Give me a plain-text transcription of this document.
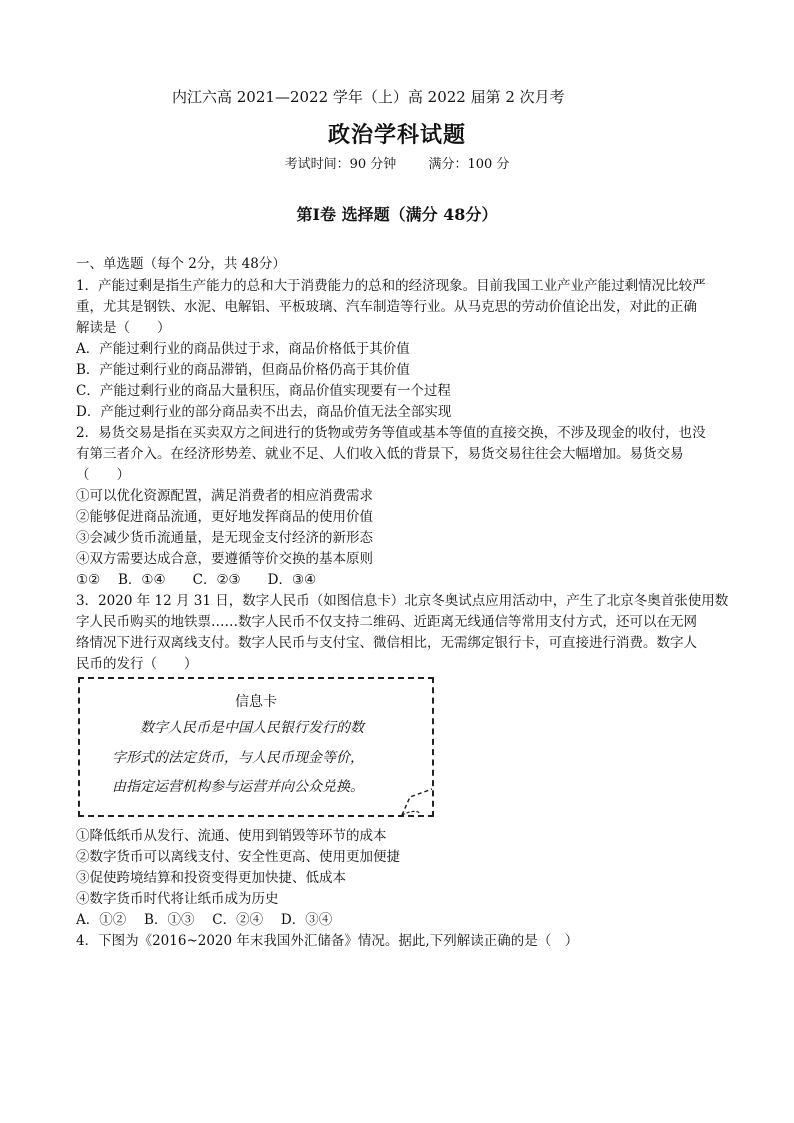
内江六高 2021—2022 学年（上）高 2022 届第 2 次月考
政治学科试题
考试时间：90 分钟 满分：100 分
第Ⅰ卷 选择题（满分 48分）
一、单选题（每个 2分，共 48分）
1．产能过剩是指生产能力的总和大于消费能力的总和的经济现象。目前我国工业产业产能过剩情况比较严
重，尤其是钢铁、水泥、电解铝、平板玻璃、汽车制造等行业。从马克思的劳动价值论出发，对此的正确
解读是（　　）
A．产能过剩行业的商品供过于求，商品价格低于其价值
B．产能过剩行业的商品滞销，但商品价格仍高于其价值
C．产能过剩行业的商品大量积压，商品价值实现要有一个过程
D．产能过剩行业的部分商品卖不出去，商品价值无法全部实现
2．易货交易是指在买卖双方之间进行的货物或劳务等值或基本等值的直接交换，不涉及现金的收付，也没
有第三者介入。在经济形势差、就业不足、人们收入低的背景下，易货交易往往会大幅增加。易货交易
（　　）
①可以优化资源配置，满足消费者的相应消费需求
②能够促进商品流通，更好地发挥商品的使用价值
③会减少货币流通量，是无现金支付经济的新形态
④双方需要达成合意，要遵循等价交换的基本原则
①②　 B．①④　　C．②③　　D．③④
3．2020 年 12 月 31 日，数字人民币（如图信息卡）北京冬奥试点应用活动中，产生了北京冬奥首张使用数
字人民币购买的地铁票……数字人民币不仅支持二维码、近距离无线通信等常用支付方式，还可以在无网
络情况下进行双离线支付。数字人民币与支付宝、微信相比，无需绑定银行卡，可直接进行消费。数字人
民币的发行（　　）
信息卡
数字人民币是中国人民银行发行的数
字形式的法定货币，与人民币现金等价，
由指定运营机构参与运营并向公众兑换。
①降低纸币从发行、流通、使用到销毁等环节的成本
②数字货币可以离线支付、安全性更高、使用更加便捷
③促使跨境结算和投资变得更加快捷、低成本
④数字货币时代将让纸币成为历史
A．①②　 B．①③　 C．②④　 D．③④
4．下图为《2016~2020 年末我国外汇储备》情况。据此,下列解读正确的是（　）
